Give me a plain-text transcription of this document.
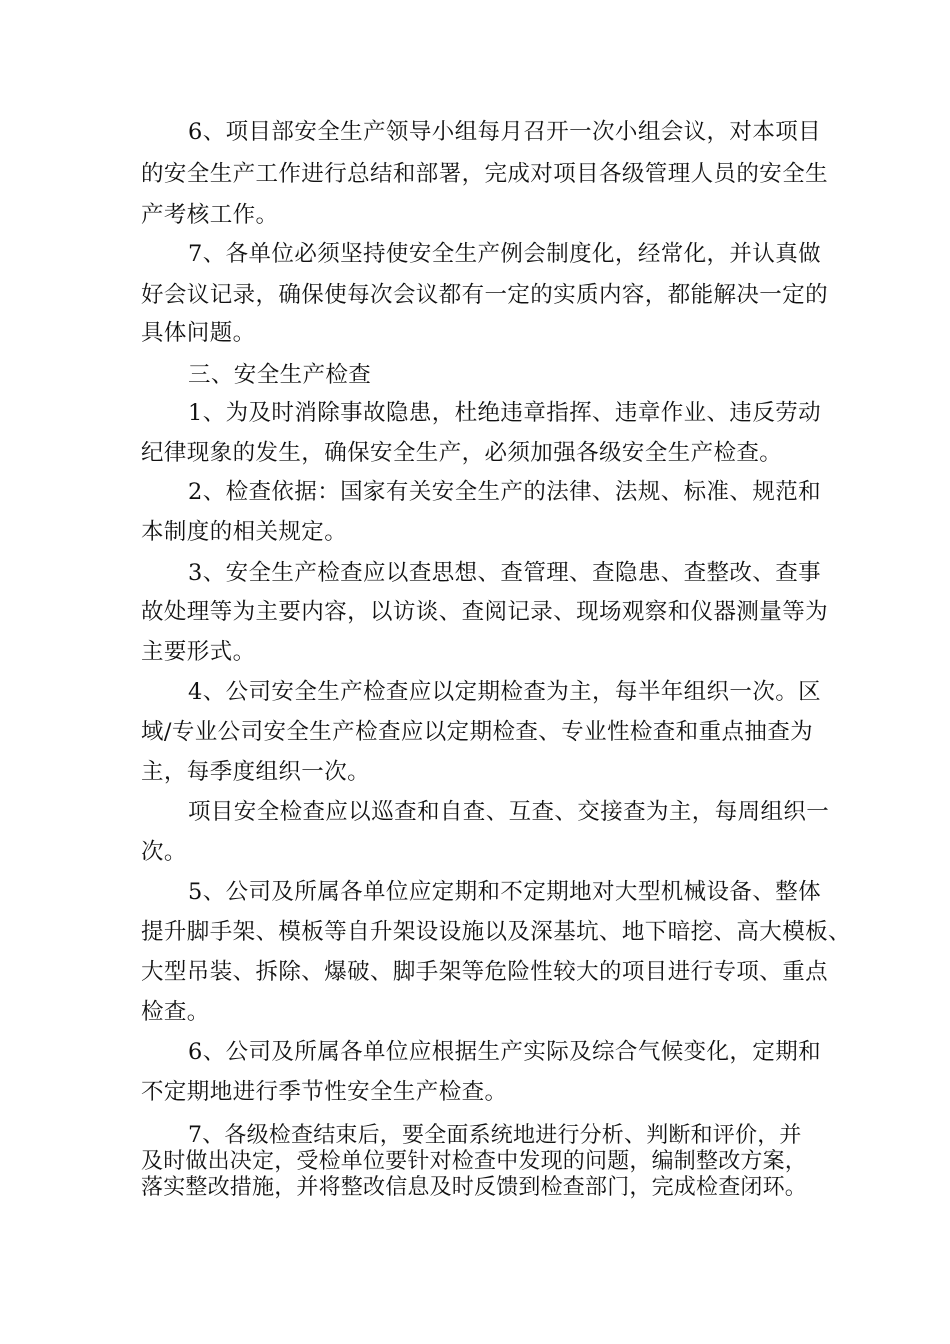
6、项目部安全生产领导小组每月召开一次小组会议，对本项目

的安全生产工作进行总结和部署，完成对项目各级管理人员的安全生

产考核工作。

7、各单位必须坚持使安全生产例会制度化，经常化，并认真做

好会议记录，确保使每次会议都有一定的实质内容，都能解决一定的

具体问题。

三、安全生产检查

1、为及时消除事故隐患，杜绝违章指挥、违章作业、违反劳动

纪律现象的发生，确保安全生产，必须加强各级安全生产检查。

2、检查依据：国家有关安全生产的法律、法规、标准、规范和

本制度的相关规定。

3、安全生产检查应以查思想、查管理、查隐患、查整改、查事

故处理等为主要内容，以访谈、查阅记录、现场观察和仪器测量等为

主要形式。

4、公司安全生产检查应以定期检查为主，每半年组织一次。区

域/专业公司安全生产检查应以定期检查、专业性检查和重点抽查为

主，每季度组织一次。

项目安全检查应以巡查和自查、互查、交接查为主，每周组织一

次。

5、公司及所属各单位应定期和不定期地对大型机械设备、整体

提升脚手架、模板等自升架设设施以及深基坑、地下暗挖、高大模板、

大型吊装、拆除、爆破、脚手架等危险性较大的项目进行专项、重点

检查。

6、公司及所属各单位应根据生产实际及综合气候变化，定期和

不定期地进行季节性安全生产检查。

7、各级检查结束后，要全面系统地进行分析、判断和评价，并

及时做出决定，受检单位要针对检查中发现的问题，编制整改方案，

落实整改措施，并将整改信息及时反馈到检查部门，完成检查闭环。
